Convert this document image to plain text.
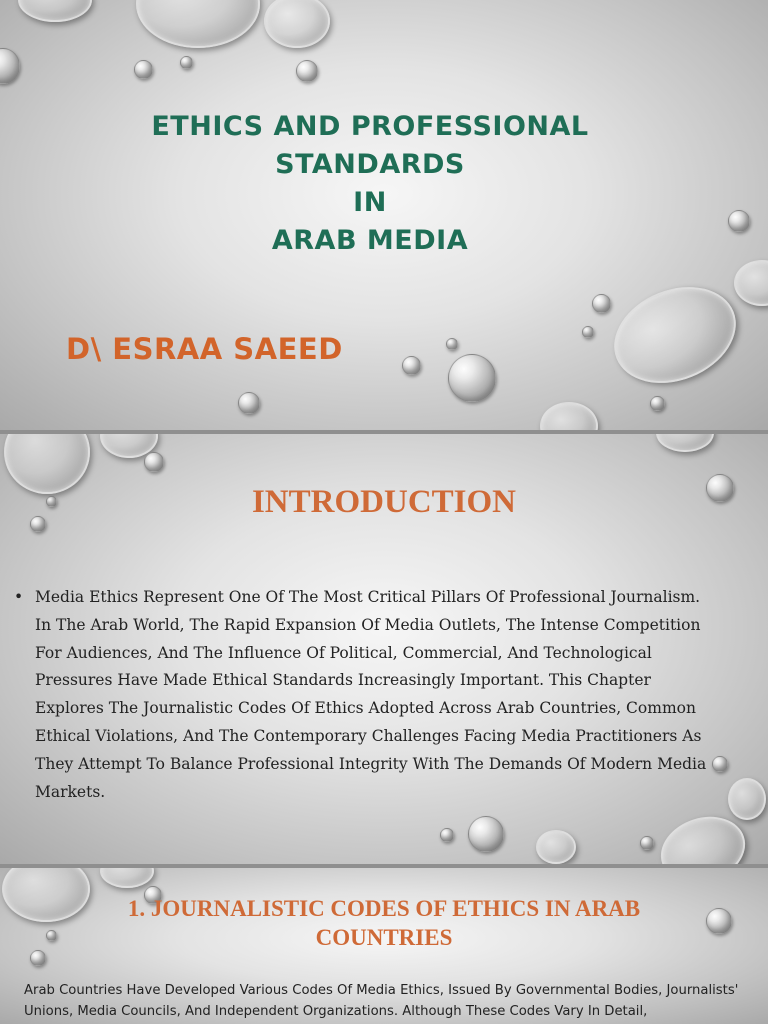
ETHICS AND PROFESSIONAL
STANDARDS
IN
ARAB MEDIA
D\ ESRAA SAEED
INTRODUCTION
• Media Ethics Represent One Of The Most Critical Pillars Of Professional Journalism. In The Arab World, The Rapid Expansion Of Media Outlets, The Intense Competition For Audiences, And The Influence Of Political, Commercial, And Technological Pressures Have Made Ethical Standards Increasingly Important. This Chapter Explores The Journalistic Codes Of Ethics Adopted Across Arab Countries, Common Ethical Violations, And The Contemporary Challenges Facing Media Practitioners As They Attempt To Balance Professional Integrity With The Demands Of Modern Media Markets.
1. JOURNALISTIC CODES OF ETHICS IN ARAB COUNTRIES
Arab Countries Have Developed Various Codes Of Media Ethics, Issued By Governmental Bodies, Journalists' Unions, Media Councils, And Independent Organizations. Although These Codes Vary In Detail,
